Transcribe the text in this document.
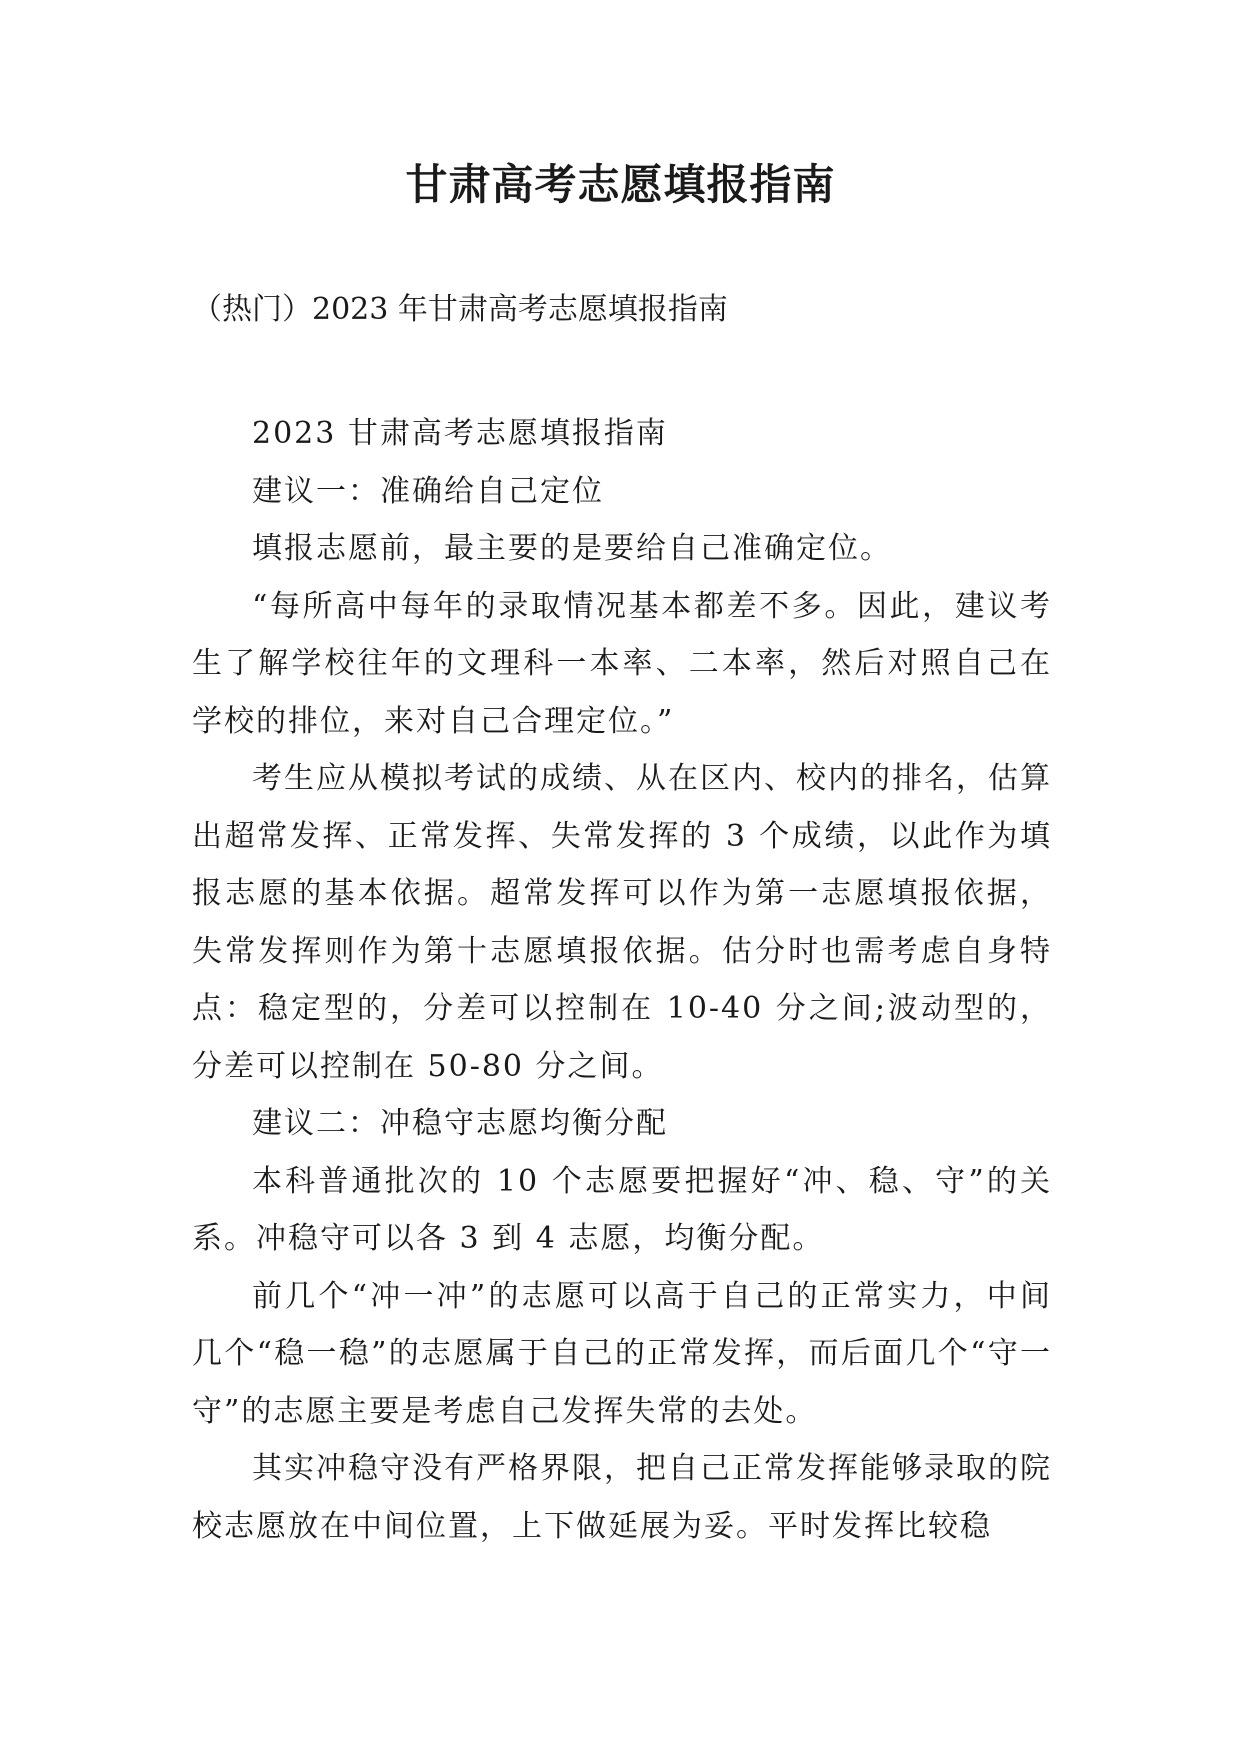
甘肃高考志愿填报指南

（热门）2023 年甘肃高考志愿填报指南

2023 甘肃高考志愿填报指南

建议一：准确给自己定位

填报志愿前，最主要的是要给自己准确定位。

“每所高中每年的录取情况基本都差不多。因此，建议考生了解学校往年的文理科一本率、二本率，然后对照自己在学校的排位，来对自己合理定位。”

考生应从模拟考试的成绩、从在区内、校内的排名，估算出超常发挥、正常发挥、失常发挥的 3 个成绩，以此作为填报志愿的基本依据。超常发挥可以作为第一志愿填报依据，失常发挥则作为第十志愿填报依据。估分时也需考虑自身特点：稳定型的，分差可以控制在 10-40 分之间;波动型的，分差可以控制在 50-80 分之间。

建议二：冲稳守志愿均衡分配

本科普通批次的 10 个志愿要把握好“冲、稳、守”的关系。冲稳守可以各 3 到 4 志愿，均衡分配。

前几个“冲一冲”的志愿可以高于自己的正常实力，中间几个“稳一稳”的志愿属于自己的正常发挥，而后面几个“守一守”的志愿主要是考虑自己发挥失常的去处。

其实冲稳守没有严格界限，把自己正常发挥能够录取的院校志愿放在中间位置，上下做延展为妥。平时发挥比较稳
